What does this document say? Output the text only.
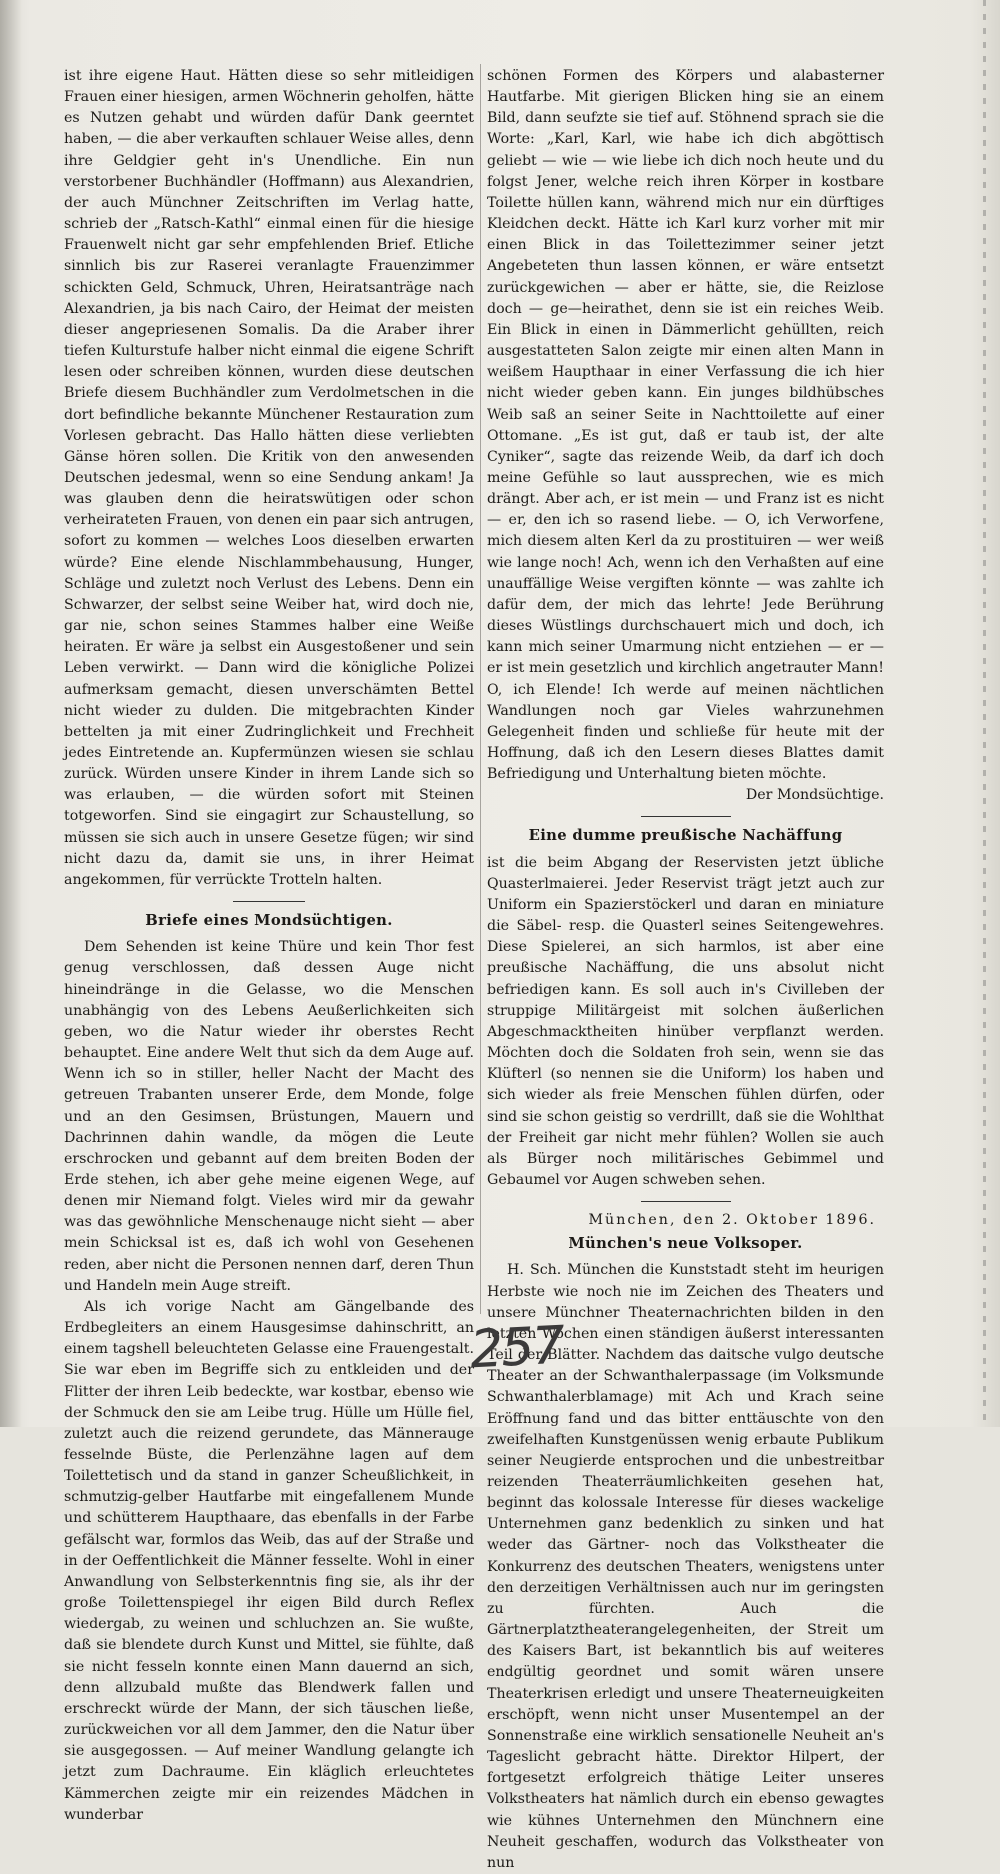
ist ihre eigene Haut. Hätten diese so sehr mitleidigen Frauen einer hiesigen, armen Wöchnerin geholfen, hätte es Nutzen gehabt und würden dafür Dank geerntet haben, — die aber verkauften schlauer Weise alles, denn ihre Geldgier geht in's Unendliche. Ein nun verstorbener Buchhändler (Hoffmann) aus Alexandrien, der auch Münchner Zeitschriften im Verlag hatte, schrieb der „Ratsch-Kathl“ einmal einen für die hiesige Frauenwelt nicht gar sehr empfehlenden Brief. Etliche sinnlich bis zur Raserei veranlagte Frauenzimmer schickten Geld, Schmuck, Uhren, Heiratsanträge nach Alexandrien, ja bis nach Cairo, der Heimat der meisten dieser angepriesenen Somalis. Da die Araber ihrer tiefen Kulturstufe halber nicht einmal die eigene Schrift lesen oder schreiben können, wurden diese deutschen Briefe diesem Buchhändler zum Verdolmetschen in die dort befindliche bekannte Münchener Restauration zum Vorlesen gebracht. Das Hallo hätten diese verliebten Gänse hören sollen. Die Kritik von den anwesenden Deutschen jedesmal, wenn so eine Sendung ankam! Ja was glauben denn die heiratswütigen oder schon verheirateten Frauen, von denen ein paar sich antrugen, sofort zu kommen — welches Loos dieselben erwarten würde? Eine elende Nischlammbehausung, Hunger, Schläge und zuletzt noch Verlust des Lebens. Denn ein Schwarzer, der selbst seine Weiber hat, wird doch nie, gar nie, schon seines Stammes halber eine Weiße heiraten. Er wäre ja selbst ein Ausgestoßener und sein Leben verwirkt. — Dann wird die königliche Polizei aufmerksam gemacht, diesen unverschämten Bettel nicht wieder zu dulden. Die mitgebrachten Kinder bettelten ja mit einer Zudringlichkeit und Frechheit jedes Eintretende an. Kupfermünzen wiesen sie schlau zurück. Würden unsere Kinder in ihrem Lande sich so was erlauben, — die würden sofort mit Steinen totgeworfen. Sind sie eingagirt zur Schaustellung, so müssen sie sich auch in unsere Gesetze fügen; wir sind nicht dazu da, damit sie uns, in ihrer Heimat angekommen, für verrückte Trotteln halten.

Briefe eines Mondsüchtigen.

Dem Sehenden ist keine Thüre und kein Thor fest genug verschlossen, daß dessen Auge nicht hineindränge in die Gelasse, wo die Menschen unabhängig von des Lebens Aeußerlichkeiten sich geben, wo die Natur wieder ihr oberstes Recht behauptet. Eine andere Welt thut sich da dem Auge auf. Wenn ich so in stiller, heller Nacht der Macht des getreuen Trabanten unserer Erde, dem Monde, folge und an den Gesimsen, Brüstungen, Mauern und Dachrinnen dahin wandle, da mögen die Leute erschrocken und gebannt auf dem breiten Boden der Erde stehen, ich aber gehe meine eigenen Wege, auf denen mir Niemand folgt. Vieles wird mir da gewahr was das gewöhnliche Menschenauge nicht sieht — aber mein Schicksal ist es, daß ich wohl von Gesehenen reden, aber nicht die Personen nennen darf, deren Thun und Handeln mein Auge streift.

Als ich vorige Nacht am Gängelbande des Erdbegleiters an einem Hausgesimse dahinschritt, an einem tagshell beleuchteten Gelasse eine Frauengestalt. Sie war eben im Begriffe sich zu entkleiden und der Flitter der ihren Leib bedeckte, war kostbar, ebenso wie der Schmuck den sie am Leibe trug. Hülle um Hülle fiel, zuletzt auch die reizend gerundete, das Männerauge fesselnde Büste, die Perlenzähne lagen auf dem Toilettetisch und da stand in ganzer Scheußlichkeit, in schmutzig-gelber Hautfarbe mit eingefallenem Munde und schütterem Haupthaare, das ebenfalls in der Farbe gefälscht war, formlos das Weib, das auf der Straße und in der Oeffentlichkeit die Männer fesselte. Wohl in einer Anwandlung von Selbsterkenntnis fing sie, als ihr der große Toilettenspiegel ihr eigen Bild durch Reflex wiedergab, zu weinen und schluchzen an. Sie wußte, daß sie blendete durch Kunst und Mittel, sie fühlte, daß sie nicht fesseln konnte einen Mann dauernd an sich, denn allzubald mußte das Blendwerk fallen und erschreckt würde der Mann, der sich täuschen ließe, zurückweichen vor all dem Jammer, den die Natur über sie ausgegossen. — Auf meiner Wandlung gelangte ich jetzt zum Dachraume. Ein kläglich erleuchtetes Kämmerchen zeigte mir ein reizendes Mädchen in wunderbar

schönen Formen des Körpers und alabasterner Hautfarbe. Mit gierigen Blicken hing sie an einem Bild, dann seufzte sie tief auf. Stöhnend sprach sie die Worte: „Karl, Karl, wie habe ich dich abgöttisch geliebt — wie — wie liebe ich dich noch heute und du folgst Jener, welche reich ihren Körper in kostbare Toilette hüllen kann, während mich nur ein dürftiges Kleidchen deckt. Hätte ich Karl kurz vorher mit mir einen Blick in das Toilettezimmer seiner jetzt Angebeteten thun lassen können, er wäre entsetzt zurückgewichen — aber er hätte, sie, die Reizlose doch — ge—heirathet, denn sie ist ein reiches Weib. Ein Blick in einen in Dämmerlicht gehüllten, reich ausgestatteten Salon zeigte mir einen alten Mann in weißem Haupthaar in einer Verfassung die ich hier nicht wieder geben kann. Ein junges bildhübsches Weib saß an seiner Seite in Nachttoilette auf einer Ottomane. „Es ist gut, daß er taub ist, der alte Cyniker“, sagte das reizende Weib, da darf ich doch meine Gefühle so laut aussprechen, wie es mich drängt. Aber ach, er ist mein — und Franz ist es nicht — er, den ich so rasend liebe. — O, ich Verworfene, mich diesem alten Kerl da zu prostituiren — wer weiß wie lange noch! Ach, wenn ich den Verhaßten auf eine unauffällige Weise vergiften könnte — was zahlte ich dafür dem, der mich das lehrte! Jede Berührung dieses Wüstlings durchschauert mich und doch, ich kann mich seiner Umarmung nicht entziehen — er — er ist mein gesetzlich und kirchlich angetrauter Mann! O, ich Elende! Ich werde auf meinen nächtlichen Wandlungen noch gar Vieles wahrzunehmen Gelegenheit finden und schließe für heute mit der Hoffnung, daß ich den Lesern dieses Blattes damit Befriedigung und Unterhaltung bieten möchte.

Der Mondsüchtige.

Eine dumme preußische Nachäffung

ist die beim Abgang der Reservisten jetzt übliche Quasterlmaierei. Jeder Reservist trägt jetzt auch zur Uniform ein Spazierstöckerl und daran en miniature die Säbel- resp. die Quasterl seines Seitengewehres. Diese Spielerei, an sich harmlos, ist aber eine preußische Nachäffung, die uns absolut nicht befriedigen kann. Es soll auch in's Civilleben der struppige Militärgeist mit solchen äußerlichen Abgeschmacktheiten hinüber verpflanzt werden. Möchten doch die Soldaten froh sein, wenn sie das Klüfterl (so nennen sie die Uniform) los haben und sich wieder als freie Menschen fühlen dürfen, oder sind sie schon geistig so verdrillt, daß sie die Wohlthat der Freiheit gar nicht mehr fühlen? Wollen sie auch als Bürger noch militärisches Gebimmel und Gebaumel vor Augen schweben sehen.

München, den 2. Oktober 1896.
München's neue Volksoper.

H. Sch. München die Kunststadt steht im heurigen Herbste wie noch nie im Zeichen des Theaters und unsere Münchner Theaternachrichten bilden in den letzten Wochen einen ständigen äußerst interessanten Teil der Blätter. Nachdem das daitsche vulgo deutsche Theater an der Schwanthalerpassage (im Volksmunde Schwanthalerblamage) mit Ach und Krach seine Eröffnung fand und das bitter enttäuschte von den zweifelhaften Kunstgenüssen wenig erbaute Publikum seiner Neugierde entsprochen und die unbestreitbar reizenden Theaterräumlichkeiten gesehen hat, beginnt das kolossale Interesse für dieses wackelige Unternehmen ganz bedenklich zu sinken und hat weder das Gärtner- noch das Volkstheater die Konkurrenz des deutschen Theaters, wenigstens unter den derzeitigen Verhältnissen auch nur im geringsten zu fürchten. Auch die Gärtnerplatztheaterangelegenheiten, der Streit um des Kaisers Bart, ist bekanntlich bis auf weiteres endgültig geordnet und somit wären unsere Theaterkrisen erledigt und unsere Theaterneuigkeiten erschöpft, wenn nicht unser Musentempel an der Sonnenstraße eine wirklich sensationelle Neuheit an's Tageslicht gebracht hätte. Direktor Hilpert, der fortgesetzt erfolgreich thätige Leiter unseres Volkstheaters hat nämlich durch ein ebenso gewagtes wie kühnes Unternehmen den Münchnern eine Neuheit geschaffen, wodurch das Volkstheater von nun

257
